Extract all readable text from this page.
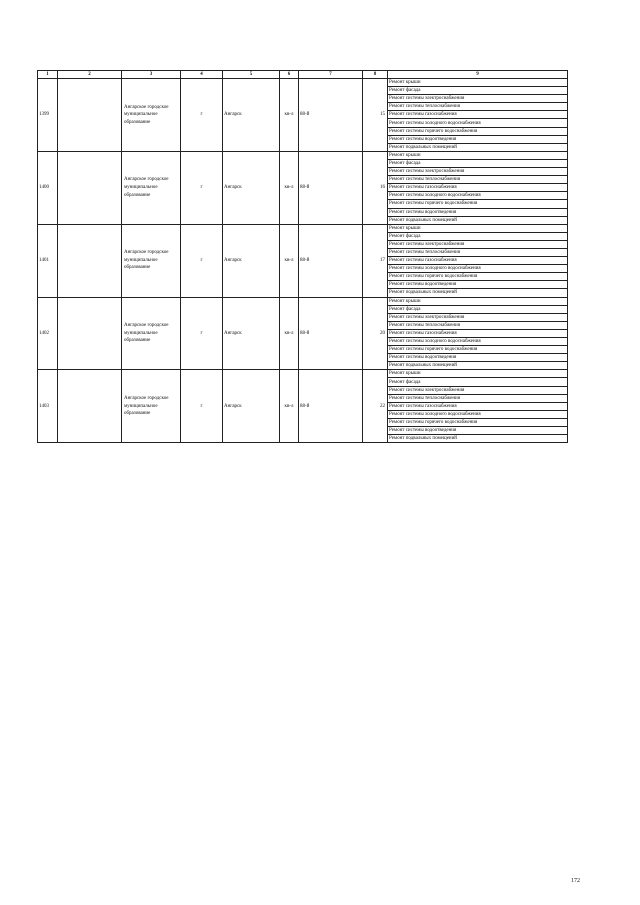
1	2	3	4	5	6	7	8	9
1399		Ангарское городское муниципальное образование	г	Ангарск	кв-л	88-й	15	Ремонт крыши
								Ремонт фасада
								Ремонт системы электроснабжения
								Ремонт системы теплоснабжения
								Ремонт системы газоснабжения
								Ремонт системы холодного водоснабжения
								Ремонт системы горячего водоснабжения
								Ремонт системы водоотведения
								Ремонт подвальных помещений
1400		Ангарское городское муниципальное образование	г	Ангарск	кв-л	88-й	16	Ремонт крыши
								Ремонт фасада
								Ремонт системы электроснабжения
								Ремонт системы теплоснабжения
								Ремонт системы газоснабжения
								Ремонт системы холодного водоснабжения
								Ремонт системы горячего водоснабжения
								Ремонт системы водоотведения
								Ремонт подвальных помещений
1401		Ангарское городское муниципальное образование	г	Ангарск	кв-л	88-й	17	Ремонт крыши
								Ремонт фасада
								Ремонт системы электроснабжения
								Ремонт системы теплоснабжения
								Ремонт системы газоснабжения
								Ремонт системы холодного водоснабжения
								Ремонт системы горячего водоснабжения
								Ремонт системы водоотведения
								Ремонт подвальных помещений
1402		Ангарское городское муниципальное образование	г	Ангарск	кв-л	88-й	20	Ремонт крыши
								Ремонт фасада
								Ремонт системы электроснабжения
								Ремонт системы теплоснабжения
								Ремонт системы газоснабжения
								Ремонт системы холодного водоснабжения
								Ремонт системы горячего водоснабжения
								Ремонт системы водоотведения
								Ремонт подвальных помещений
1403		Ангарское городское муниципальное образование	г	Ангарск	кв-л	88-й	22	Ремонт крыши
								Ремонт фасада
								Ремонт системы электроснабжения
								Ремонт системы теплоснабжения
								Ремонт системы газоснабжения
								Ремонт системы холодного водоснабжения
								Ремонт системы горячего водоснабжения
								Ремонт системы водоотведения
								Ремонт подвальных помещений
172
